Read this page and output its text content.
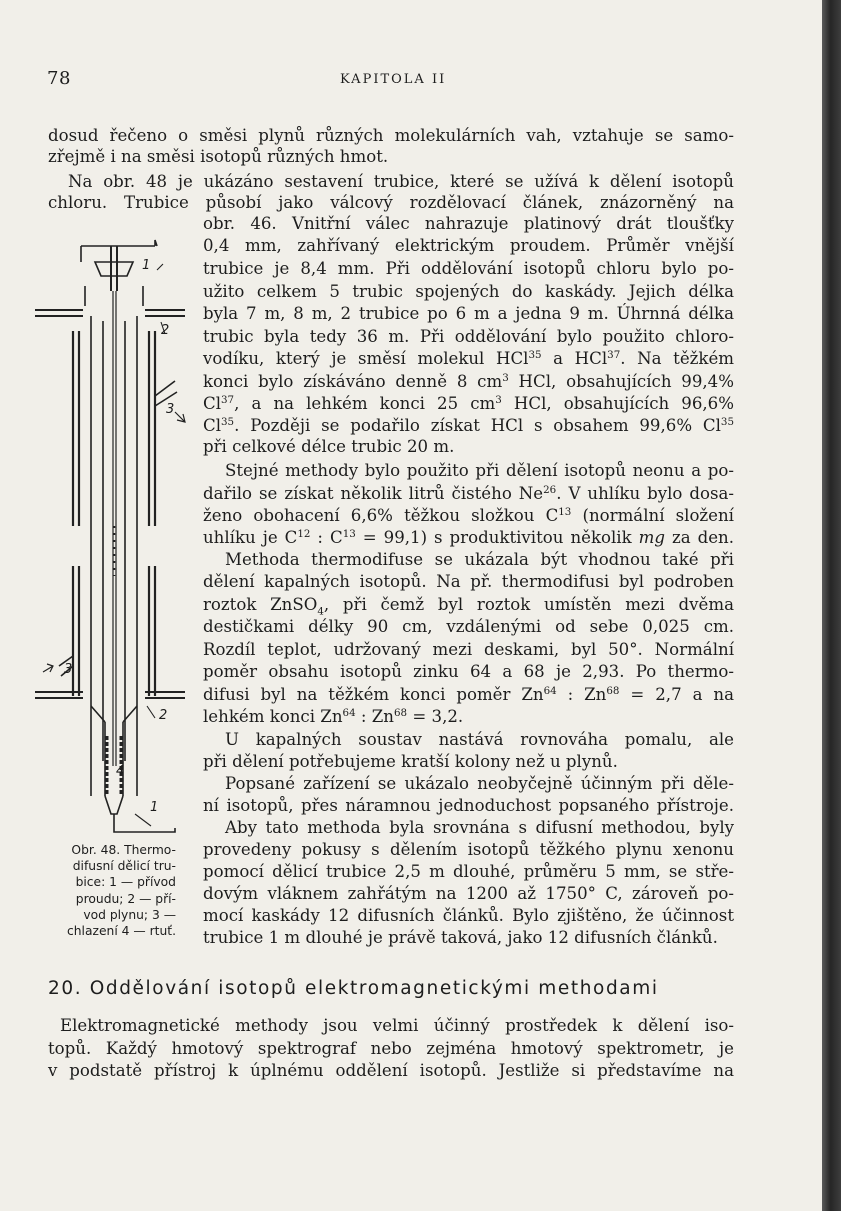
78	KAPITOLA II
dosud řečeno o směsi plynů různých molekulárních vah, vztahuje se samo-
zřejmě i na směsi isotopů různých hmot.
Na obr. 48 je ukázáno sestavení trubice, které se užívá k dělení isotopů
chloru. Trubice působí jako válcový rozdělovací článek, znázorněný na
obr. 46. Vnitřní válec nahrazuje platinový drát tloušťky
0,4 mm, zahřívaný elektrickým proudem. Průměr vnější
trubice je 8,4 mm. Při oddělování isotopů chloru bylo po-
užito celkem 5 trubic spojených do kaskády. Jejich délka
byla 7 m, 8 m, 2 trubice po 6 m a jedna 9 m. Úhrnná délka
trubic byla tedy 36 m. Při oddělování bylo použito chloro-
vodíku, který je směsí molekul HCl$^{35}$ a HCl$^{37}$. Na těžkém
konci bylo získáváno denně 8 $cm^3$ HCl, obsahujících 99,4%
Cl$^{37}$, a na lehkém konci 25 $cm^3$ HCl, obsahujících 96,6%
Cl$^{35}$. Později se podařilo získat HCl s obsahem 99,6% Cl$^{35}$
při celkové délce trubic 20 m.
Stejné methody bylo použito při dělení isotopů neonu a po-
dařilo se získat několik litrů čistého Ne$^{26}$. V uhlíku bylo dosa-
ženo obohacení 6,6% těžkou složkou $C^{13}$ (normální složení
uhlíku je $C^{12}$ : $C^{13} = 99,1$) s produktivitou několik mg za den.
Methoda thermodifuse se ukázala být vhodnou také při
dělení kapalných isotopů. Na př. thermodifusi byl podroben
roztok ZnSO$_4$, při čemž byl roztok umístěn mezi dvěma
destičkami délky 90 cm, vzdálenými od sebe 0,025 cm.
Rozdíl teplot, udržovaný mezi deskami, byl 50°. Normální
poměr obsahu isotopů zinku 64 a 68 je 2,93. Po thermo-
difusi byl na těžkém konci poměr Zn$^{64}$ : $Zn^{68} = 2,7$ a na
lehkém konci Zn$^{64}$ : $Zn^{68} = 3,2$.
U kapalných soustav nastává rovnováha pomalu, ale
při dělení potřebujeme kratší kolony než u plynů.
Popsané zařízení se ukázalo neobyčejně účinným při děle-
ní isotopů, přes náramnou jednoduchost popsaného přístroje.
Aby tato methoda byla srovnána s difusní methodou, byly
provedeny pokusy s dělením isotopů těžkého plynu xenonu
pomocí dělicí trubice 2,5 m dlouhé, průměru 5 mm, se stře-
dovým vláknem zahřátým na 1200 až 1750° C, zároveň po-
mocí kaskády 12 difusních článků. Bylo zjištěno, že účinnost
trubice 1 m dlouhé je právě taková, jako 12 difusních článků.
1
2
3
3
2
4
1
Obr. 48. Thermo-
difusní dělicí tru-
bice: 1 — přívod
proudu; 2 — pří-
vod plynu; 3 —
chlazení 4 — rtuť.
20. Oddělování isotopů elektromagnetickými methodami
Elektromagnetické methody jsou velmi účinný prostředek k dělení iso-
topů. Každý hmotový spektrograf nebo zejména hmotový spektrometr, je
v podstatě přístroj k úplnému oddělení isotopů. Jestliže si představíme na
